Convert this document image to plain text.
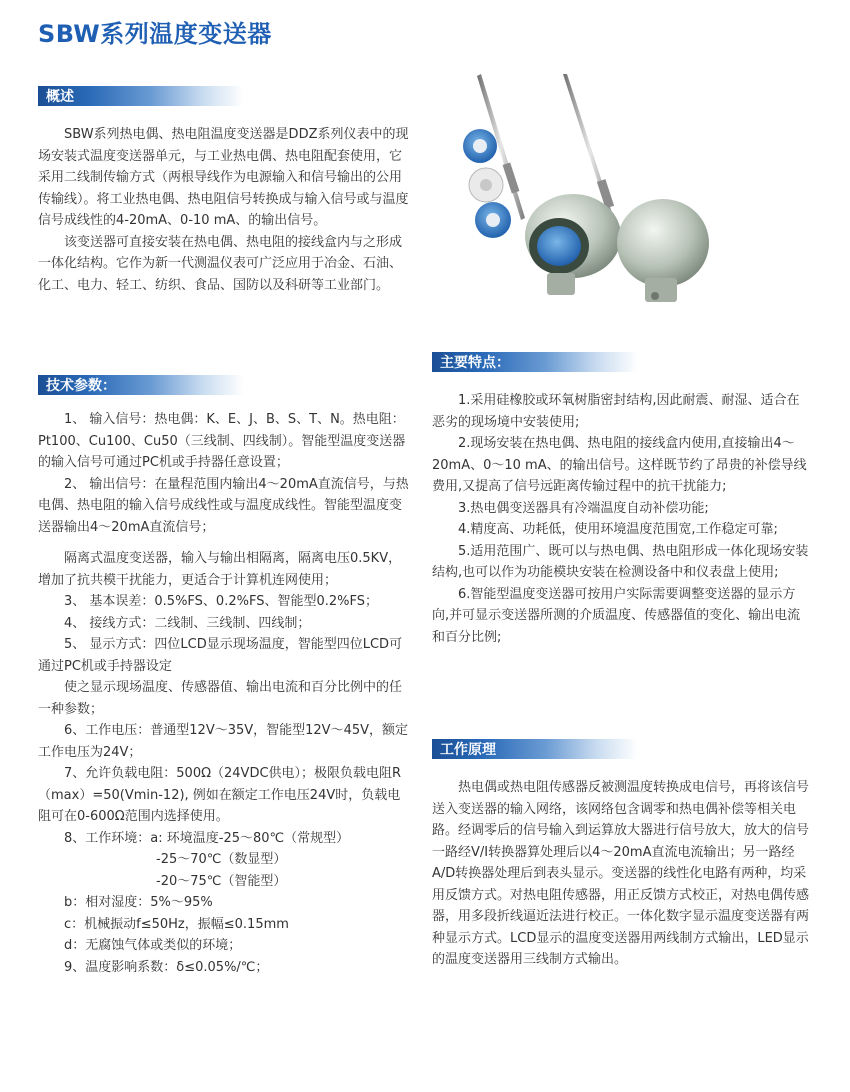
SBW系列温度变送器
概述

SBW系列热电偶、热电阻温度变送器是DDZ系列仪表中的现场安装式温度变送器单元，与工业热电偶、热电阻配套使用，它采用二线制传输方式（两根导线作为电源输入和信号输出的公用传输线）。将工业热电偶、热电阻信号转换成与输入信号或与温度信号成线性的4-20mA、0-10 mA、的输出信号。

该变送器可直接安装在热电偶、热电阻的接线盒内与之形成一体化结构。它作为新一代测温仪表可广泛应用于冶金、石油、化工、电力、轻工、纺织、食品、国防以及科研等工业部门。

技术参数：

1、 输入信号：热电偶：K、E、J、B、S、T、N。热电阻： Pt100、Cu100、Cu50（三线制、四线制）。智能型温度变送器的输入信号可通过PC机或手持器任意设置；

2、 输出信号：在量程范围内输出4～20mA直流信号，与热电偶、热电阻的输入信号成线性或与温度成线性。智能型温度变送器输出4～20mA直流信号；

隔离式温度变送器，输入与输出相隔离，隔离电压0.5KV，增加了抗共模干扰能力，更适合于计算机连网使用；

3、 基本误差：0.5%FS、0.2%FS、智能型0.2%FS；

4、 接线方式：二线制、三线制、四线制；

5、 显示方式：四位LCD显示现场温度，智能型四位LCD可通过PC机或手持器设定

使之显示现场温度、传感器值、输出电流和百分比例中的任一种参数；

6、工作电压：普通型12V～35V，智能型12V～45V，额定工作电压为24V；

7、允许负载电阻：500Ω（24VDC供电）；极限负载电阻R（max）=50(Vmin-12), 例如在额定工作电压24V时，负载电阻可在0-600Ω范围内选择使用。

8、工作环境：a: 环境温度-25～80℃（常规型）

-25～70℃（数显型）

-20～75℃（智能型）

b：相对湿度：5%～95%

c：机械振动f≤50Hz，振幅≤0.15mm

d：无腐蚀气体或类似的环境；

9、温度影响系数：δ≤0.05%/℃；

主要特点：

1.采用硅橡胶或环氧树脂密封结构,因此耐震、耐湿、适合在恶劣的现场境中安装使用;

2.现场安装在热电偶、热电阻的接线盒内使用,直接输出4～20mA、0～10 mA、的输出信号。这样既节约了昂贵的补偿导线费用,又提高了信号远距离传输过程中的抗干扰能力;

3.热电偶变送器具有冷端温度自动补偿功能;

4.精度高、功耗低，使用环境温度范围宽,工作稳定可靠;

5.适用范围广、既可以与热电偶、热电阻形成一体化现场安装结构,也可以作为功能模块安装在检测设备中和仪表盘上使用;

6.智能型温度变送器可按用户实际需要调整变送器的显示方向,并可显示变送器所测的介质温度、传感器值的变化、输出电流和百分比例;

工作原理

热电偶或热电阻传感器反被测温度转换成电信号，再将该信号送入变送器的输入网络，该网络包含调零和热电偶补偿等相关电路。经调零后的信号输入到运算放大器进行信号放大，放大的信号一路经V/I转换器算处理后以4～20mA直流电流输出；另一路经A/D转换器处理后到表头显示。变送器的线性化电路有两种，均采用反馈方式。对热电阻传感器，用正反馈方式校正，对热电偶传感器，用多段折线逼近法进行校正。一体化数字显示温度变送器有两种显示方式。LCD显示的温度变送器用两线制方式输出，LED显示的温度变送器用三线制方式输出。
